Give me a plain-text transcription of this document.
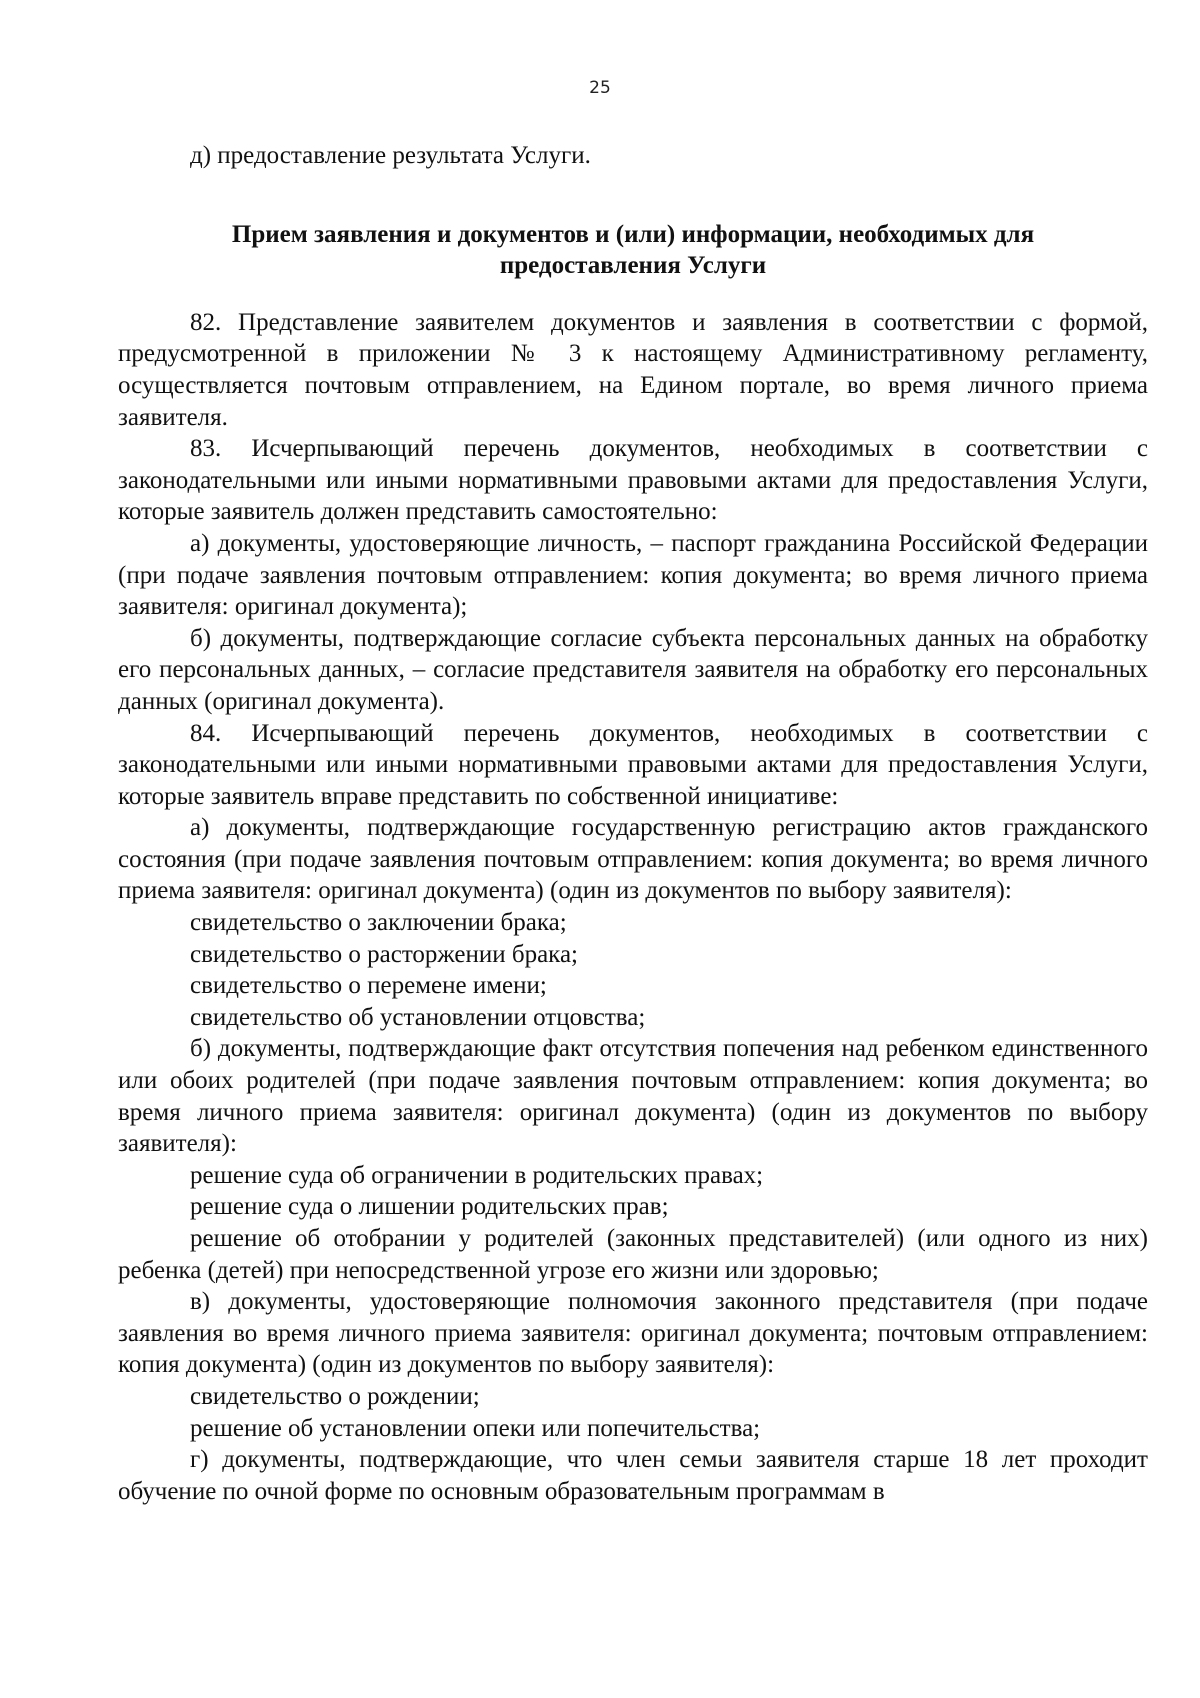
25

д) предоставление результата Услуги.

Прием заявления и документов и (или) информации, необходимых для
предоставления Услуги

82. Представление заявителем документов и заявления в соответствии с формой, предусмотренной в приложении № 3 к настоящему Административному регламенту, осуществляется почтовым отправлением, на Едином портале, во время личного приема заявителя.

83. Исчерпывающий перечень документов, необходимых в соответствии с законодательными или иными нормативными правовыми актами для предоставления Услуги, которые заявитель должен представить самостоятельно:

а) документы, удостоверяющие личность, – паспорт гражданина Российской Федерации (при подаче заявления почтовым отправлением: копия документа; во время личного приема заявителя: оригинал документа);

б) документы, подтверждающие согласие субъекта персональных данных на обработку его персональных данных, – согласие представителя заявителя на обработку его персональных данных (оригинал документа).

84. Исчерпывающий перечень документов, необходимых в соответствии с законодательными или иными нормативными правовыми актами для предоставления Услуги, которые заявитель вправе представить по собственной инициативе:

а) документы, подтверждающие государственную регистрацию актов гражданского состояния (при подаче заявления почтовым отправлением: копия документа; во время личного приема заявителя: оригинал документа) (один из документов по выбору заявителя):

свидетельство о заключении брака;

свидетельство о расторжении брака;

свидетельство о перемене имени;

свидетельство об установлении отцовства;

б) документы, подтверждающие факт отсутствия попечения над ребенком единственного или обоих родителей (при подаче заявления почтовым отправлением: копия документа; во время личного приема заявителя: оригинал документа) (один из документов по выбору заявителя):

решение суда об ограничении в родительских правах;

решение суда о лишении родительских прав;

решение об отобрании у родителей (законных представителей) (или одного из них) ребенка (детей) при непосредственной угрозе его жизни или здоровью;

в) документы, удостоверяющие полномочия законного представителя (при подаче заявления во время личного приема заявителя: оригинал документа; почтовым отправлением: копия документа) (один из документов по выбору заявителя):

свидетельство о рождении;

решение об установлении опеки или попечительства;

г) документы, подтверждающие, что член семьи заявителя старше 18 лет проходит обучение по очной форме по основным образовательным программам в
